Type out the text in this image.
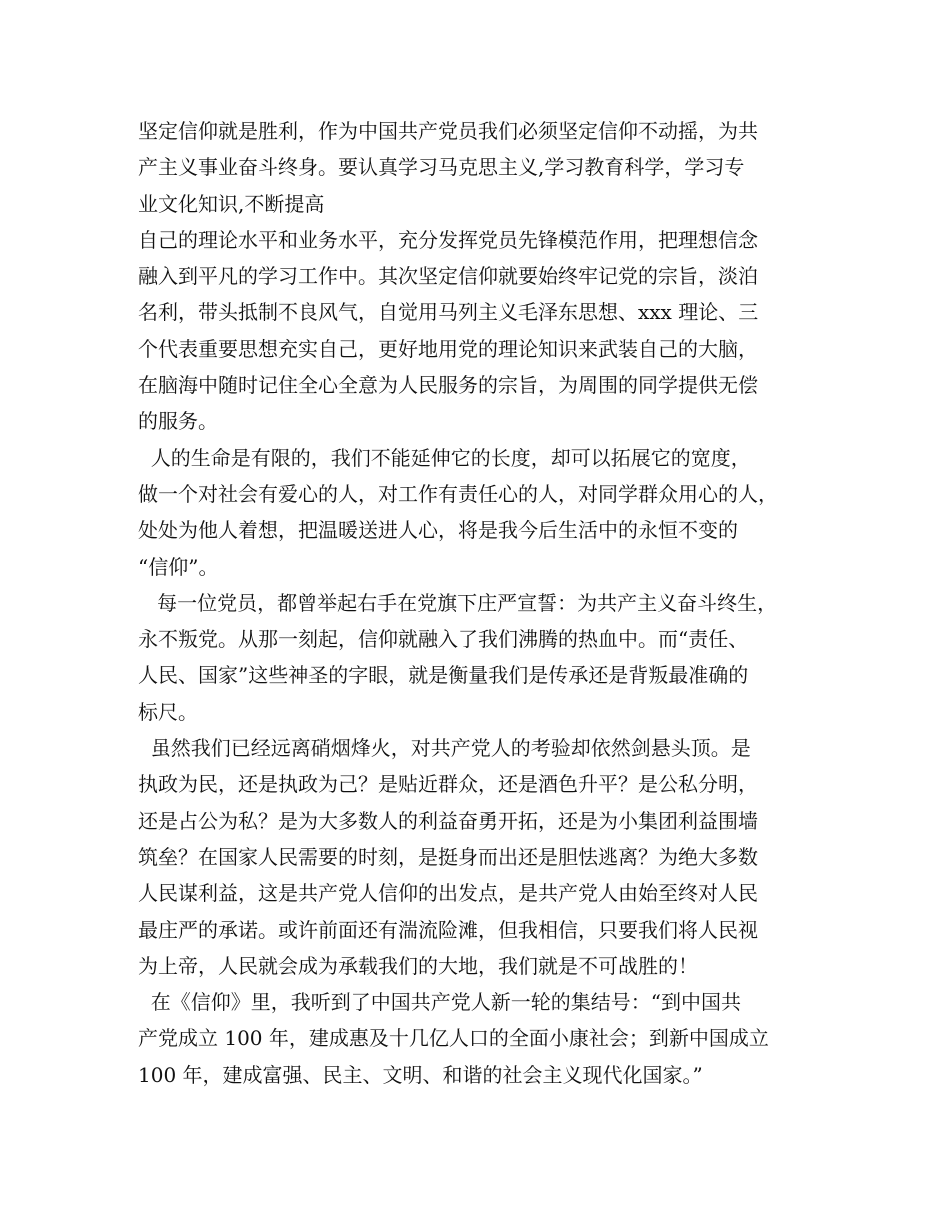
坚定信仰就是胜利，作为中国共产党员我们必须坚定信仰不动摇，为共
产主义事业奋斗终身。要认真学习马克思主义,学习教育科学，学习专
业文化知识,不断提高
自己的理论水平和业务水平，充分发挥党员先锋模范作用，把理想信念
融入到平凡的学习工作中。其次坚定信仰就要始终牢记党的宗旨，淡泊
名利，带头抵制不良风气，自觉用马列主义毛泽东思想、xxx 理论、三
个代表重要思想充实自己，更好地用党的理论知识来武装自己的大脑，
在脑海中随时记住全心全意为人民服务的宗旨，为周围的同学提供无偿
的服务。
人的生命是有限的，我们不能延伸它的长度，却可以拓展它的宽度，
做一个对社会有爱心的人，对工作有责任心的人，对同学群众用心的人，
处处为他人着想，把温暖送进人心，将是我今后生活中的永恒不变的
“信仰”。
每一位党员，都曾举起右手在党旗下庄严宣誓：为共产主义奋斗终生，
永不叛党。从那一刻起，信仰就融入了我们沸腾的热血中。而“责任、
人民、国家”这些神圣的字眼，就是衡量我们是传承还是背叛最准确的
标尺。
虽然我们已经远离硝烟烽火，对共产党人的考验却依然剑悬头顶。是
执政为民，还是执政为己？是贴近群众，还是酒色升平？是公私分明，
还是占公为私？是为大多数人的利益奋勇开拓，还是为小集团利益围墙
筑垒？在国家人民需要的时刻，是挺身而出还是胆怯逃离？为绝大多数
人民谋利益，这是共产党人信仰的出发点，是共产党人由始至终对人民
最庄严的承诺。或许前面还有湍流险滩，但我相信，只要我们将人民视
为上帝，人民就会成为承载我们的大地，我们就是不可战胜的！
在《信仰》里，我听到了中国共产党人新一轮的集结号：“到中国共
产党成立 100 年，建成惠及十几亿人口的全面小康社会；到新中国成立
100 年，建成富强、民主、文明、和谐的社会主义现代化国家。”
